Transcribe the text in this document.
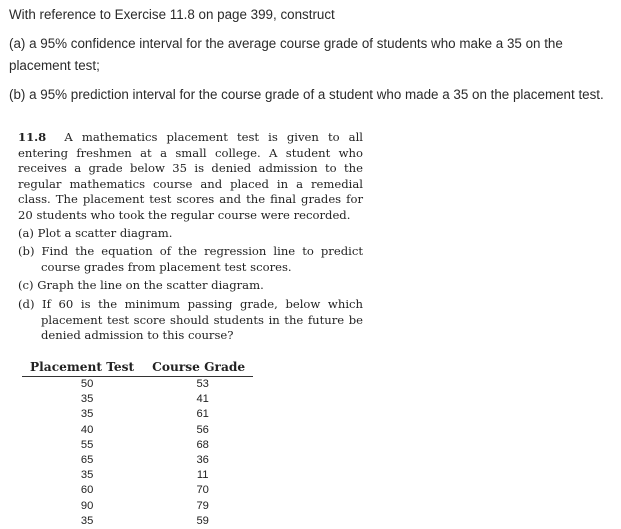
With reference to Exercise 11.8 on page 399, construct

(a) a 95% confidence interval for the average course grade of students who make a 35 on the placement test;

(b) a 95% prediction interval for the course grade of a student who made a 35 on the placement test.

11.8 A mathematics placement test is given to all entering freshmen at a small college. A student who receives a grade below 35 is denied admission to the regular mathematics course and placed in a remedial class. The placement test scores and the final grades for 20 students who took the regular course were recorded.

(a) Plot a scatter diagram.

(b) Find the equation of the regression line to predict course grades from placement test scores.

(c) Graph the line on the scatter diagram.

(d) If 60 is the minimum passing grade, below which placement test score should students in the future be denied admission to this course?

Placement Test	Course Grade
50	53
35	41
35	61
40	56
55	68
65	36
35	11
60	70
90	79
35	59
